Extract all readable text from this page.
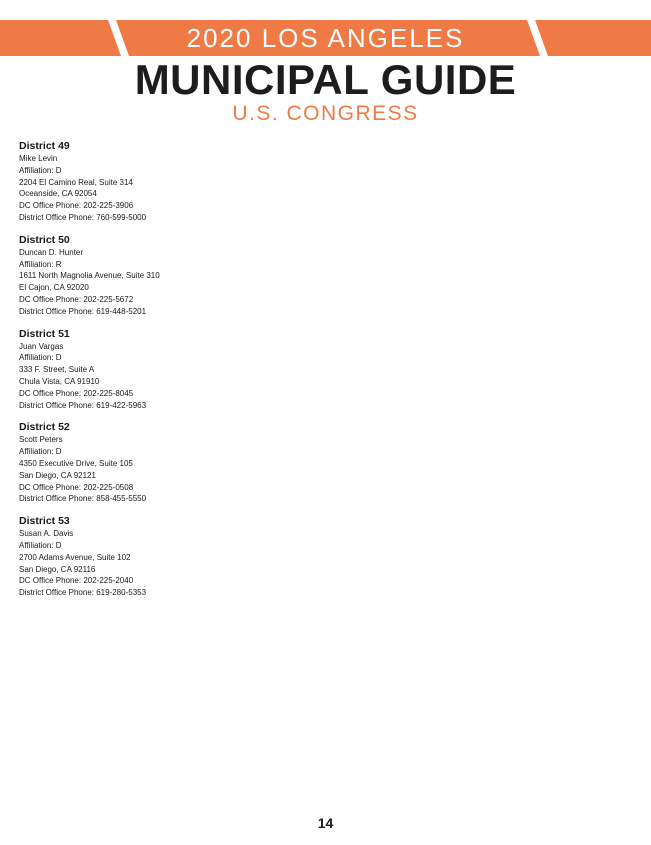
2020 LOS ANGELES
MUNICIPAL GUIDE
U.S. CONGRESS
District 49
Mike Levin
Affiliation: D
2204 El Camino Real, Suite 314
Oceanside, CA 92054
DC Office Phone: 202-225-3906
District Office Phone: 760-599-5000
District 50
Duncan D. Hunter
Affiliation: R
1611 North Magnolia Avenue, Suite 310
El Cajon, CA 92020
DC Office Phone: 202-225-5672
District Office Phone: 619-448-5201
District 51
Juan Vargas
Affiliation: D
333 F. Street, Suite A
Chula Vista, CA 91910
DC Office Phone: 202-225-8045
District Office Phone: 619-422-5963
District 52
Scott Peters
Affiliation: D
4350 Executive Drive, Suite 105
San Diego, CA 92121
DC Office Phone: 202-225-0508
District Office Phone: 858-455-5550
District 53
Susan A. Davis
Affiliation: D
2700 Adams Avenue, Suite 102
San Diego, CA 92116
DC Office Phone: 202-225-2040
District Office Phone: 619-280-5353
14
